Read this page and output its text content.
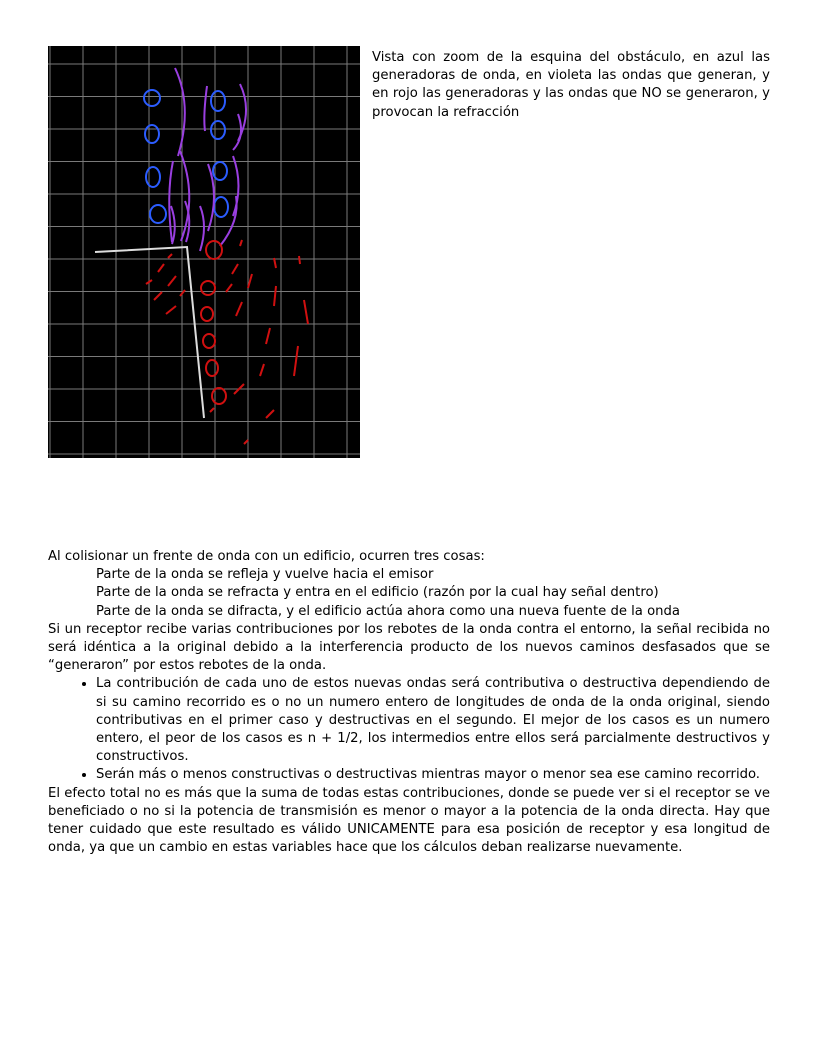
Vista con zoom de la esquina del obstáculo, en azul las generadoras de onda, en violeta las ondas que generan, y en rojo las generadoras y las ondas que NO se generaron, y provocan la refracción

Al colisionar un frente de onda con un edificio, ocurren tres cosas:

Parte de la onda se refleja y vuelve hacia el emisor

Parte de la onda se refracta y entra en el edificio (razón por la cual hay señal dentro)

Parte de la onda se difracta, y el edificio actúa ahora como una nueva fuente de la onda

Si un receptor recibe varias contribuciones por los rebotes de la onda contra el entorno, la señal recibida no será idéntica a la original debido a la interferencia producto de los nuevos caminos desfasados que se “generaron” por estos rebotes de la onda.

• La contribución de cada uno de estos nuevas ondas será contributiva o destructiva dependiendo de si su camino recorrido es o no un numero entero de longitudes de onda de la onda original, siendo contributivas en el primer caso y destructivas en el segundo. El mejor de los casos es un numero entero, el peor de los casos es n + 1/2, los intermedios entre ellos será parcialmente destructivos y constructivos.
• Serán más o menos constructivas o destructivas mientras mayor o menor sea ese camino recorrido.

El efecto total no es más que la suma de todas estas contribuciones, donde se puede ver si el receptor se ve beneficiado o no si la potencia de transmisión es menor o mayor a la potencia de la onda directa. Hay que tener cuidado que este resultado es válido UNICAMENTE para esa posición de receptor y esa longitud de onda, ya que un cambio en estas variables hace que los cálculos deban realizarse nuevamente.
